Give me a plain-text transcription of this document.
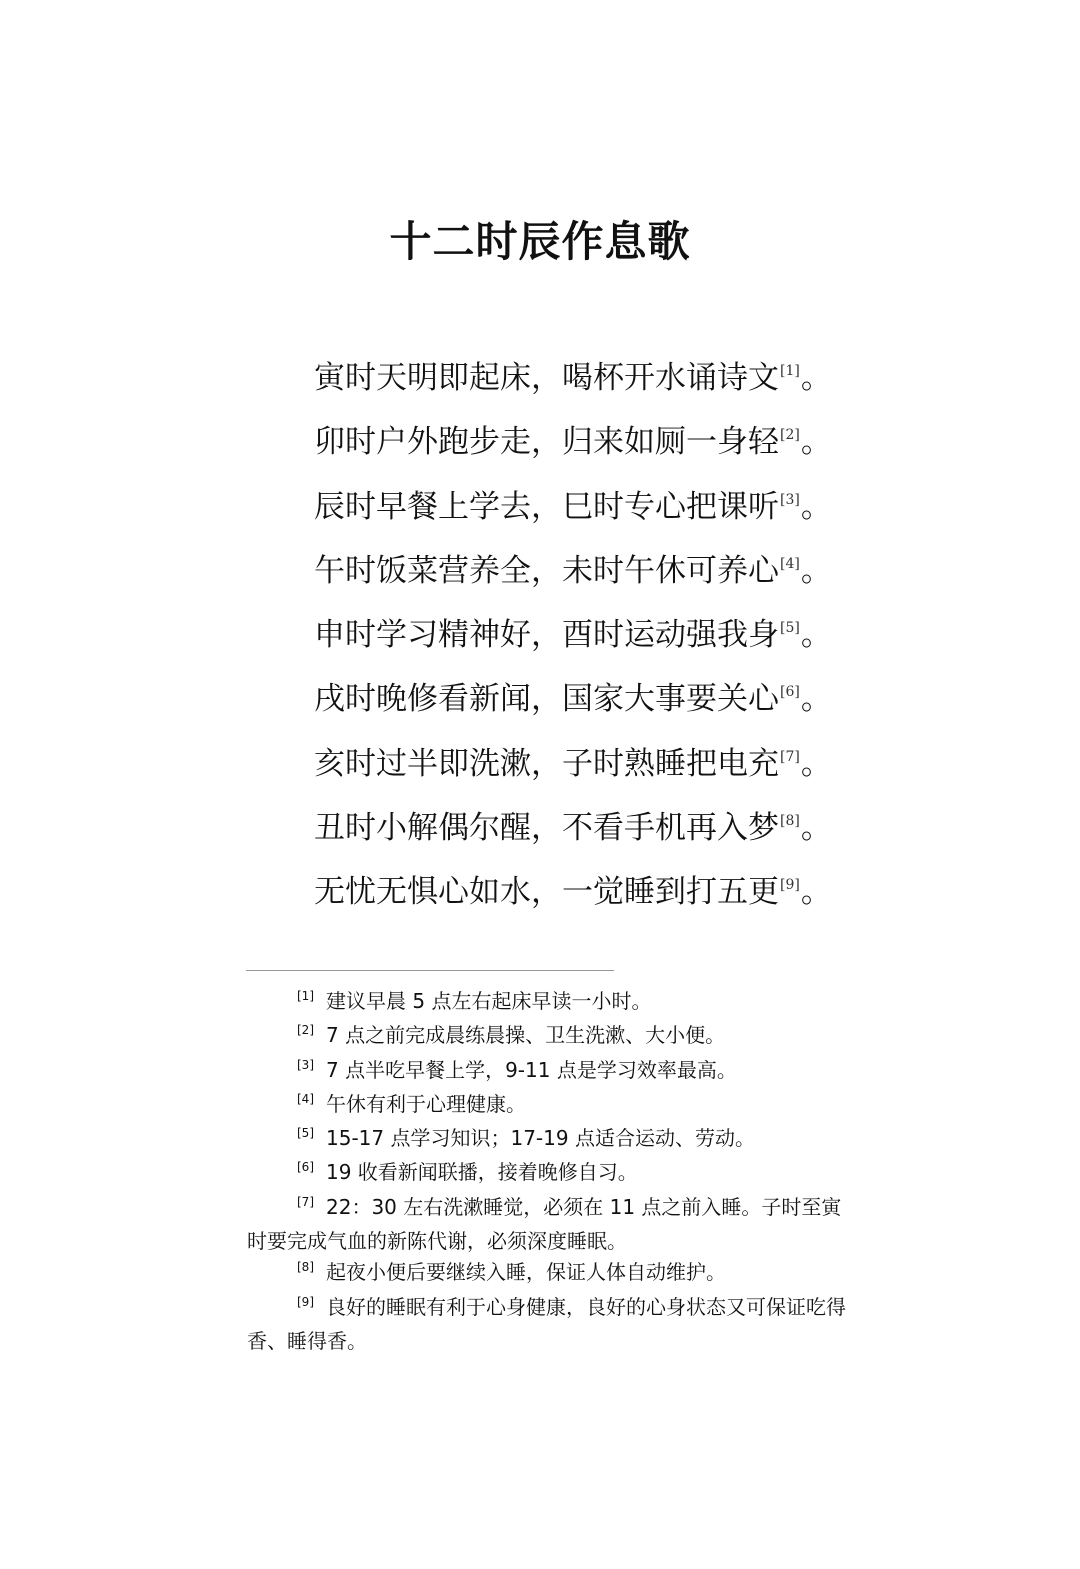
十二时辰作息歌
寅时天明即起床，喝杯开水诵诗文[1]。
卯时户外跑步走，归来如厕一身轻[2]。
辰时早餐上学去，巳时专心把课听[3]。
午时饭菜营养全，未时午休可养心[4]。
申时学习精神好，酉时运动强我身[5]。
戌时晚修看新闻，国家大事要关心[6]。
亥时过半即洗漱，子时熟睡把电充[7]。
丑时小解偶尔醒，不看手机再入梦[8]。
无忧无惧心如水，一觉睡到打五更[9]。
[1] 建议早晨 5 点左右起床早读一小时。
[2] 7 点之前完成晨练晨操、卫生洗漱、大小便。
[3] 7 点半吃早餐上学，9-11 点是学习效率最高。
[4] 午休有利于心理健康。
[5] 15-17 点学习知识；17-19 点适合运动、劳动。
[6] 19 收看新闻联播，接着晚修自习。
[7] 22：30 左右洗漱睡觉，必须在 11 点之前入睡。子时至寅时要完成气血的新陈代谢，必须深度睡眠。
[8] 起夜小便后要继续入睡，保证人体自动维护。
[9] 良好的睡眠有利于心身健康，良好的心身状态又可保证吃得香、睡得香。
